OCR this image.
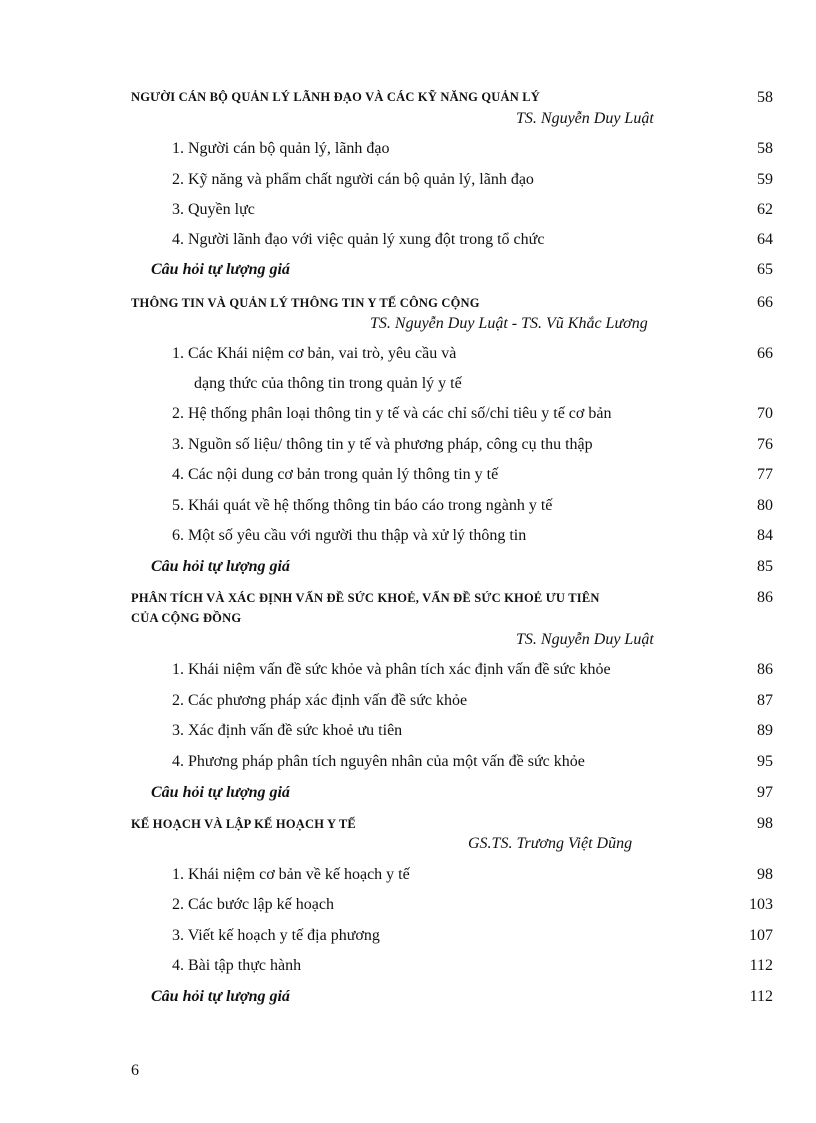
NGƯỜI CÁN BỘ QUẢN LÝ LÃNH ĐẠO VÀ CÁC KỸ NĂNG QUẢN LÝ	58
TS. Nguyễn Duy Luật
1. Người cán bộ quản lý, lãnh đạo	58
2. Kỹ năng và phẩm chất người cán bộ quản lý, lãnh đạo	59
3. Quyền lực	62
4. Người lãnh đạo với việc quản lý xung đột trong tổ chức	64
Câu hỏi tự lượng giá	65
THÔNG TIN VÀ QUẢN LÝ THÔNG TIN Y TẾ CÔNG CỘNG	66
TS. Nguyễn Duy Luật - TS. Vũ Khắc Lương
1. Các Khái niệm cơ bản, vai trò, yêu cầu và	66
dạng thức của thông tin trong quản lý y tế
2. Hệ thống phân loại thông tin y tế và các chỉ số/chỉ tiêu y tế cơ bản	70
3. Nguồn số liệu/ thông tin y tế và phương pháp, công cụ thu thập	76
4. Các nội dung cơ bản trong quản lý thông tin y tế	77
5. Khái quát về hệ thống thông tin báo cáo trong ngành y tế	80
6. Một số yêu cầu với người thu thập và xử lý thông tin	84
Câu hỏi tự lượng giá	85
PHÂN TÍCH VÀ XÁC ĐỊNH VẤN ĐỀ SỨC KHOẺ, VẤN ĐỀ SỨC KHOẺ ƯU TIÊN	86
CỦA CỘNG ĐỒNG
TS. Nguyễn Duy Luật
1. Khái niệm vấn đề sức khỏe và phân tích xác định vấn đề sức khỏe	86
2. Các phương pháp xác định vấn đề sức khỏe	87
3. Xác định vấn đề sức khoẻ ưu tiên	89
4. Phương pháp phân tích nguyên nhân của một vấn đề sức khỏe	95
Câu hỏi tự lượng giá	97
KẾ HOẠCH VÀ LẬP KẾ HOẠCH Y TẾ	98
GS.TS. Trương Việt Dũng
1. Khái niệm cơ bản về kế hoạch y tế	98
2. Các bước lập kế hoạch	103
3. Viết kế hoạch y tế địa phương	107
4. Bài tập thực hành	112
Câu hỏi tự lượng giá	112
6
